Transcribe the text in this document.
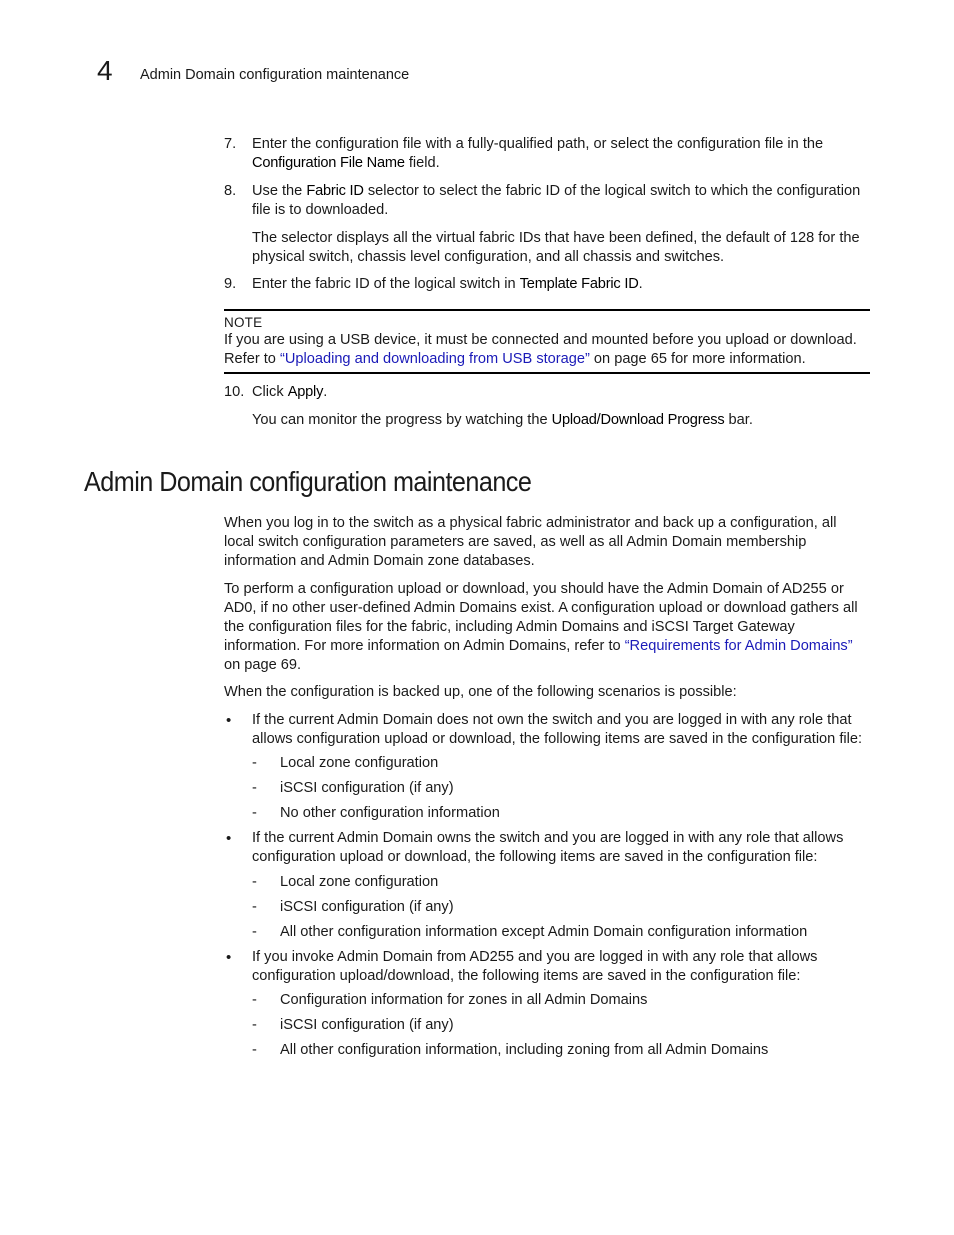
4 Admin Domain configuration maintenance
7. Enter the configuration file with a fully-qualified path, or select the configuration file in the Configuration File Name field.
8. Use the Fabric ID selector to select the fabric ID of the logical switch to which the configuration file is to downloaded.
The selector displays all the virtual fabric IDs that have been defined, the default of 128 for the physical switch, chassis level configuration, and all chassis and switches.
9. Enter the fabric ID of the logical switch in Template Fabric ID.
NOTE
If you are using a USB device, it must be connected and mounted before you upload or download. Refer to “Uploading and downloading from USB storage” on page 65 for more information.
10. Click Apply.
You can monitor the progress by watching the Upload/Download Progress bar.
Admin Domain configuration maintenance
When you log in to the switch as a physical fabric administrator and back up a configuration, all local switch configuration parameters are saved, as well as all Admin Domain membership information and Admin Domain zone databases.
To perform a configuration upload or download, you should have the Admin Domain of AD255 or AD0, if no other user-defined Admin Domains exist. A configuration upload or download gathers all the configuration files for the fabric, including Admin Domains and iSCSI Target Gateway information. For more information on Admin Domains, refer to “Requirements for Admin Domains” on page 69.
When the configuration is backed up, one of the following scenarios is possible:
• If the current Admin Domain does not own the switch and you are logged in with any role that allows configuration upload or download, the following items are saved in the configuration file:
- Local zone configuration
- iSCSI configuration (if any)
- No other configuration information
• If the current Admin Domain owns the switch and you are logged in with any role that allows configuration upload or download, the following items are saved in the configuration file:
- Local zone configuration
- iSCSI configuration (if any)
- All other configuration information except Admin Domain configuration information
• If you invoke Admin Domain from AD255 and you are logged in with any role that allows configuration upload/download, the following items are saved in the configuration file:
- Configuration information for zones in all Admin Domains
- iSCSI configuration (if any)
- All other configuration information, including zoning from all Admin Domains
